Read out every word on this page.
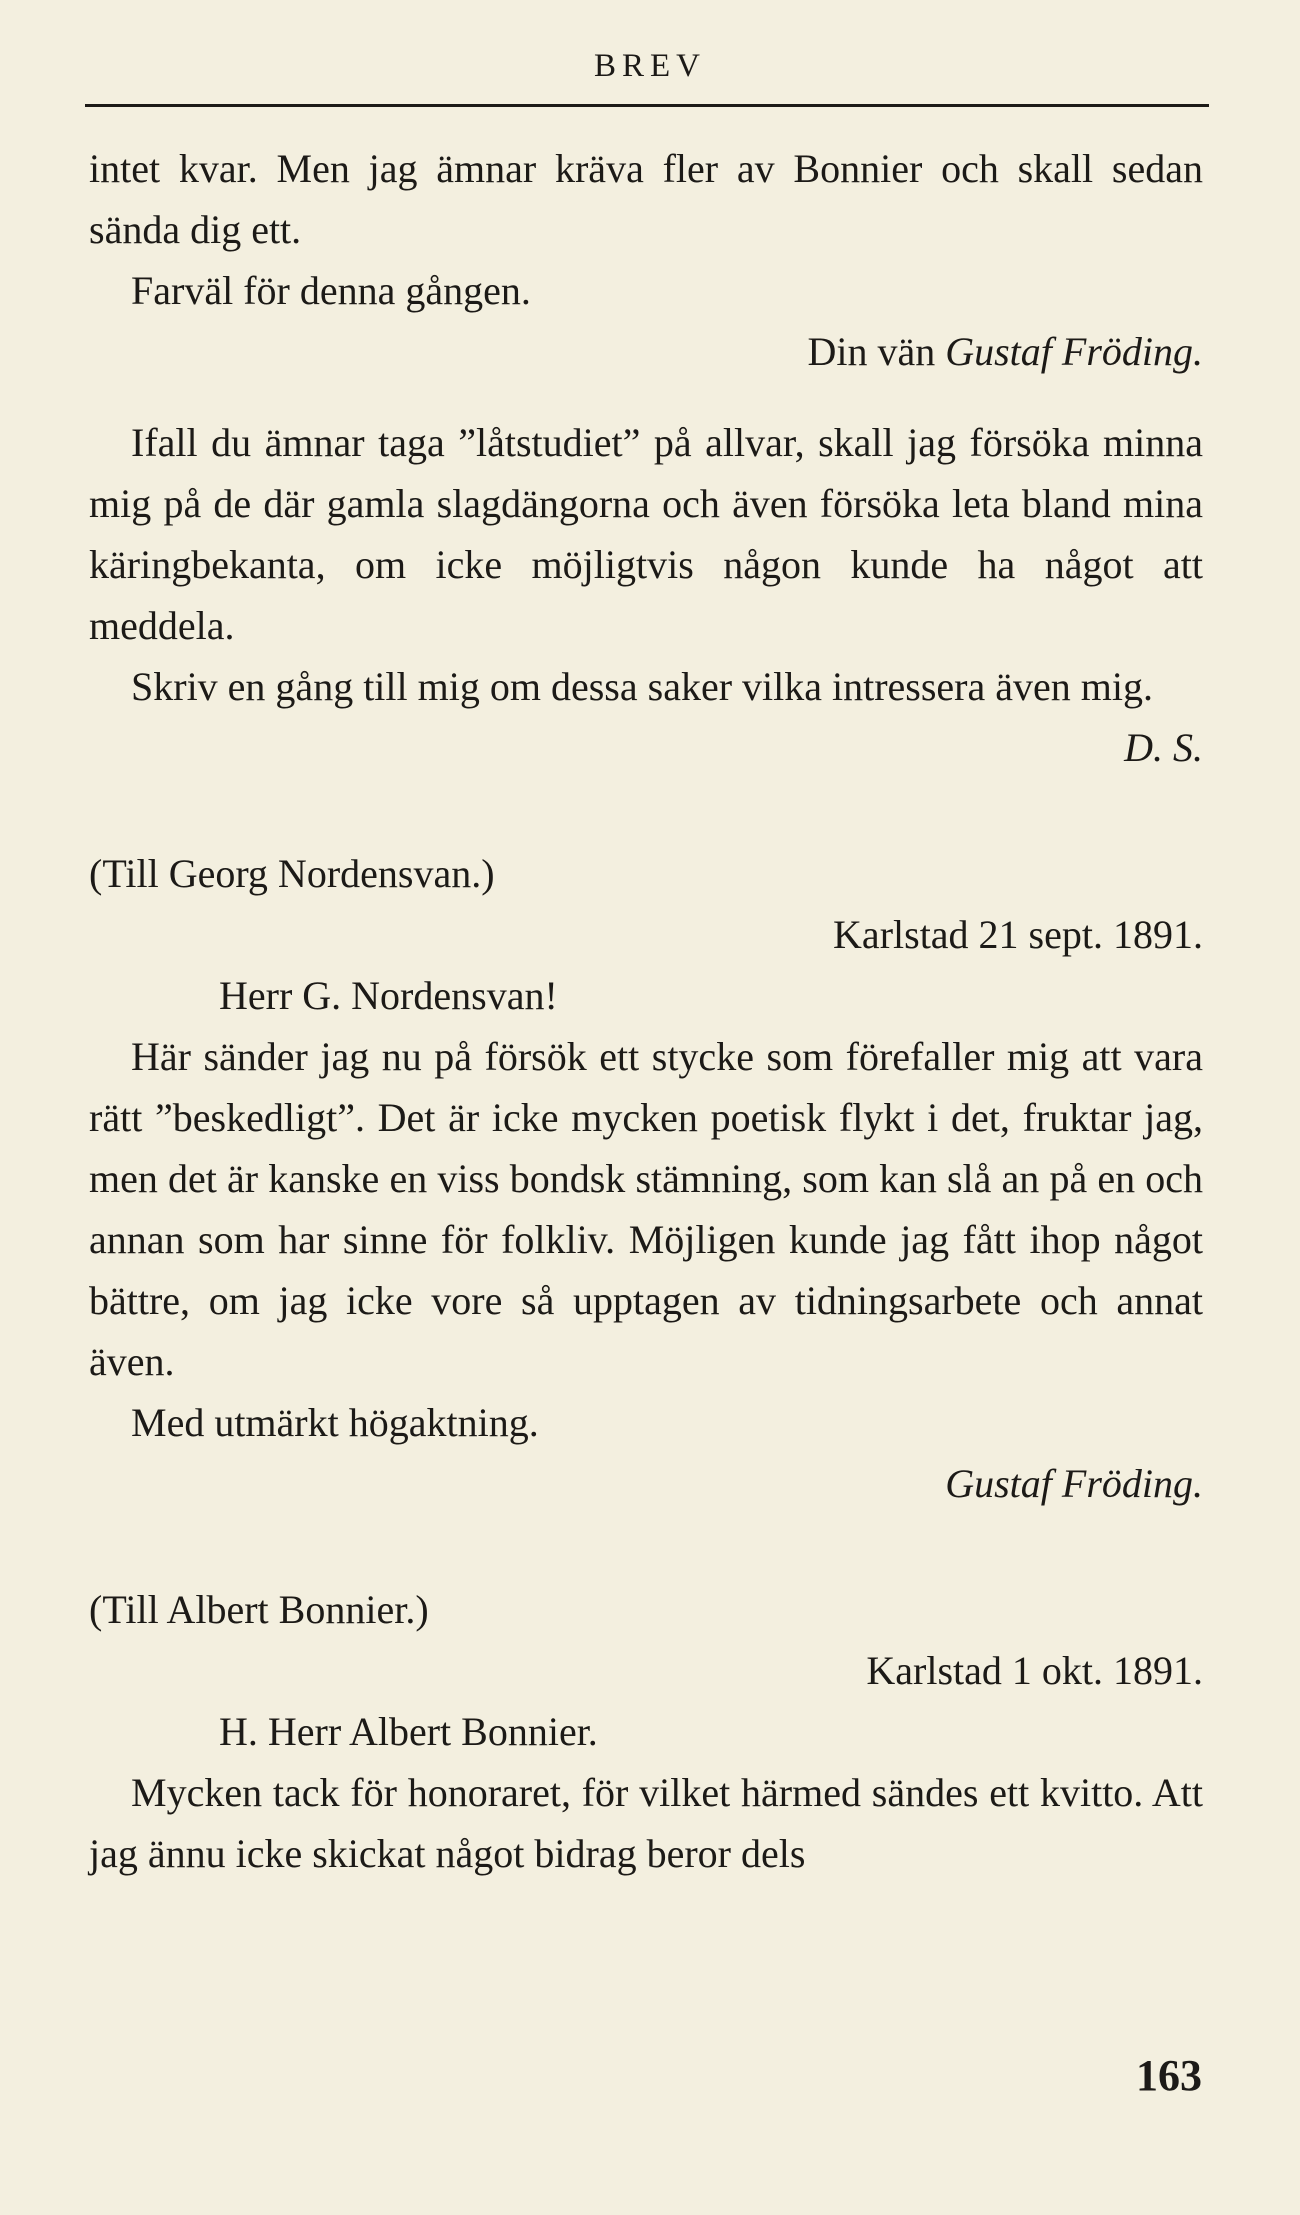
BREV

intet kvar. Men jag ämnar kräva fler av Bonnier och skall sedan sända dig ett.

Farväl för denna gången.

Din vän Gustaf Fröding.

Ifall du ämnar taga ”låtstudiet” på allvar, skall jag försöka minna mig på de där gamla slagdängorna och även försöka leta bland mina käringbekanta, om icke möjligtvis någon kunde ha något att meddela.

Skriv en gång till mig om dessa saker vilka intressera även mig.

D. S.

(Till Georg Nordensvan.)

Karlstad 21 sept. 1891.

Herr G. Nordensvan!

Här sänder jag nu på försök ett stycke som förefaller mig att vara rätt ”beskedligt”. Det är icke mycken poetisk flykt i det, fruktar jag, men det är kanske en viss bondsk stämning, som kan slå an på en och annan som har sinne för folkliv. Möjligen kunde jag fått ihop något bättre, om jag icke vore så upptagen av tidningsarbete och annat även.

Med utmärkt högaktning.

Gustaf Fröding.

(Till Albert Bonnier.)

Karlstad 1 okt. 1891.

H. Herr Albert Bonnier.

Mycken tack för honoraret, för vilket härmed sändes ett kvitto. Att jag ännu icke skickat något bidrag beror dels

163
